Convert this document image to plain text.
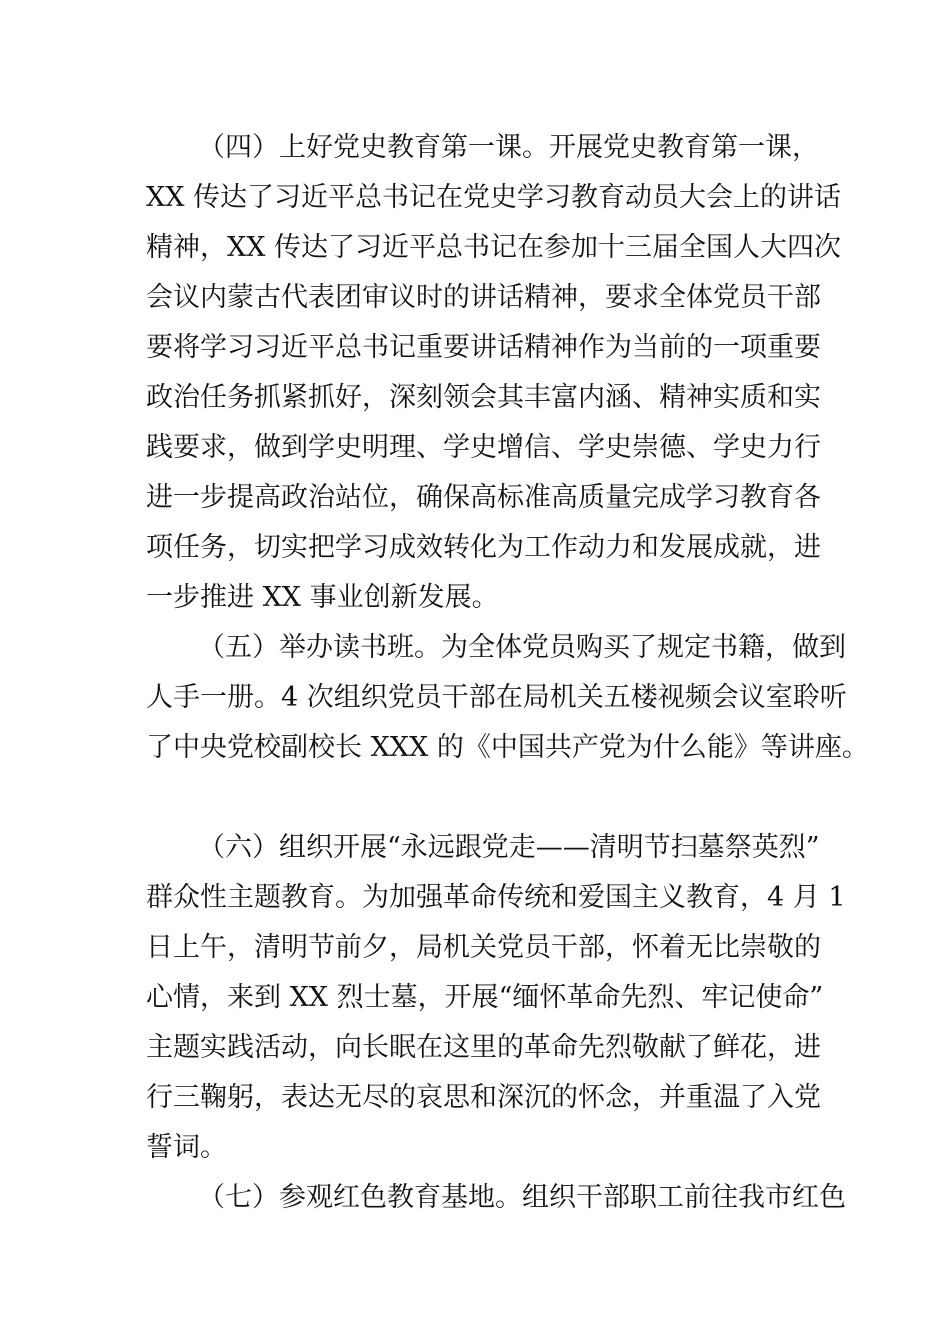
（四）上好党史教育第一课。开展党史教育第一课，
XX 传达了习近平总书记在党史学习教育动员大会上的讲话
精神，XX 传达了习近平总书记在参加十三届全国人大四次
会议内蒙古代表团审议时的讲话精神，要求全体党员干部
要将学习习近平总书记重要讲话精神作为当前的一项重要
政治任务抓紧抓好，深刻领会其丰富内涵、精神实质和实
践要求，做到学史明理、学史增信、学史崇德、学史力行
进一步提高政治站位，确保高标准高质量完成学习教育各
项任务，切实把学习成效转化为工作动力和发展成就，进
一步推进 XX 事业创新发展。
（五）举办读书班。为全体党员购买了规定书籍，做到
人手一册。4 次组织党员干部在局机关五楼视频会议室聆听
了中央党校副校长 XXX 的《中国共产党为什么能》等讲座。
（六）组织开展“永远跟党走——清明节扫墓祭英烈”
群众性主题教育。为加强革命传统和爱国主义教育，4 月 1
日上午，清明节前夕，局机关党员干部，怀着无比崇敬的
心情，来到 XX 烈士墓，开展“缅怀革命先烈、牢记使命”
主题实践活动，向长眠在这里的革命先烈敬献了鲜花，进
行三鞠躬，表达无尽的哀思和深沉的怀念，并重温了入党
誓词。
（七）参观红色教育基地。组织干部职工前往我市红色
